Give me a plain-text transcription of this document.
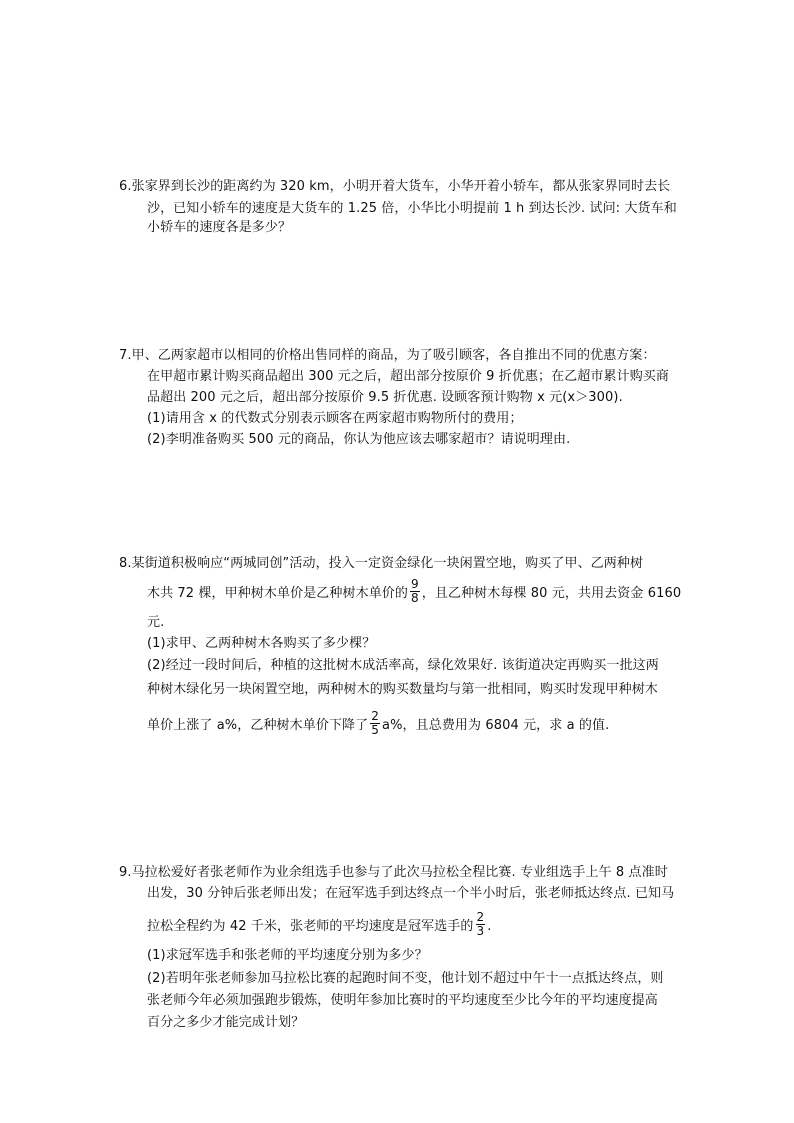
6.张家界到长沙的距离约为 320 km，小明开着大货车，小华开着小轿车，都从张家界同时去长
沙，已知小轿车的速度是大货车的 1.25 倍，小华比小明提前 1 h 到达长沙. 试问: 大货车和
小轿车的速度各是多少？
7.甲、乙两家超市以相同的价格出售同样的商品，为了吸引顾客，各自推出不同的优惠方案：
在甲超市累计购买商品超出 300 元之后，超出部分按原价 9 折优惠；在乙超市累计购买商
品超出 200 元之后，超出部分按原价 9.5 折优惠. 设顾客预计购物 x 元(x＞300).
(1)请用含 x 的代数式分别表示顾客在两家超市购物所付的费用；
(2)李明准备购买 500 元的商品，你认为他应该去哪家超市？请说明理由.
8.某街道积极响应“两城同创”活动，投入一定资金绿化一块闲置空地，购买了甲、乙两种树
木共 72 棵，甲种树木单价是乙种树木单价的 $\frac{9}{8}$ ，且乙种树木每棵 80 元，共用去资金 6160
元.
(1)求甲、乙两种树木各购买了多少棵？
(2)经过一段时间后，种植的这批树木成活率高，绿化效果好. 该街道决定再购买一批这两
种树木绿化另一块闲置空地，两种树木的购买数量均与第一批相同，购买时发现甲种树木
单价上涨了 a%，乙种树木单价下降了 $\frac{2}{5} a\%$，且总费用为 6804 元，求 a 的值.
9.马拉松爱好者张老师作为业余组选手也参与了此次马拉松全程比赛. 专业组选手上午 8 点准时
出发，30 分钟后张老师出发；在冠军选手到达终点一个半小时后，张老师抵达终点. 已知马
拉松全程约为 42 千米，张老师的平均速度是冠军选手的 $\frac{2}{3}$ .
(1)求冠军选手和张老师的平均速度分别为多少？
(2)若明年张老师参加马拉松比赛的起跑时间不变，他计划不超过中午十一点抵达终点，则
张老师今年必须加强跑步锻炼，使明年参加比赛时的平均速度至少比今年的平均速度提高
百分之多少才能完成计划？
